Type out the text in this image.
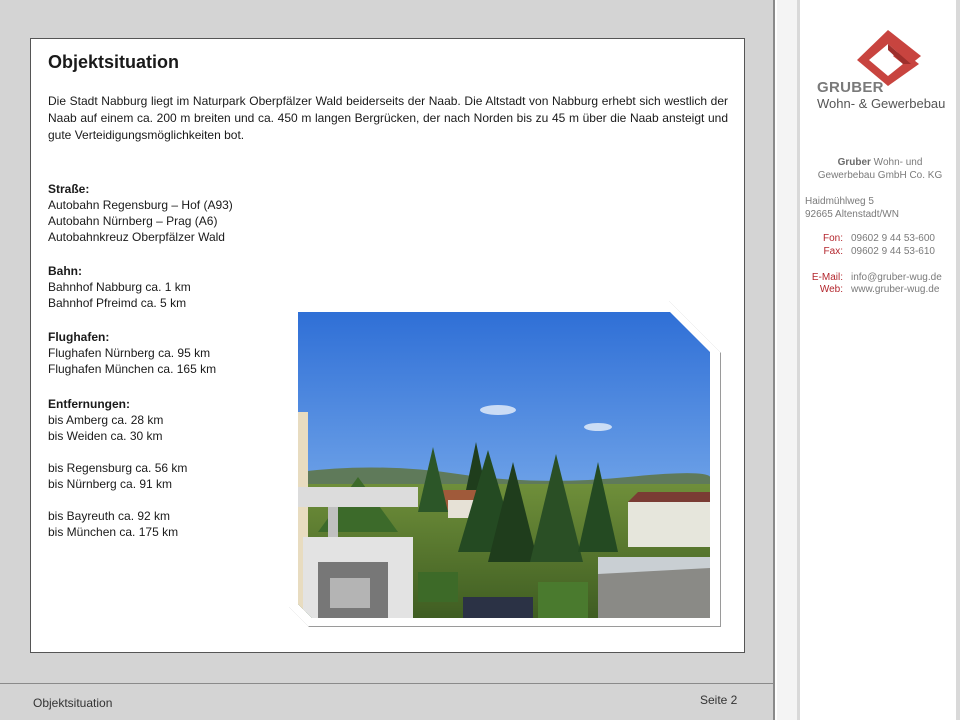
Objektsituation
Die Stadt Nabburg liegt im Naturpark Oberpfälzer Wald beiderseits der Naab. Die Altstadt von Nabburg erhebt sich westlich der Naab auf einem ca. 200 m breiten und ca. 450 m langen Bergrücken, der nach Norden bis zu 45 m über die Naab ansteigt und gute Verteidigungsmöglichkeiten bot.
Straße:
Autobahn Regensburg – Hof (A93)
Autobahn Nürnberg – Prag (A6)
Autobahnkreuz Oberpfälzer Wald
Bahn:
Bahnhof Nabburg ca. 1 km
Bahnhof Pfreimd ca. 5 km
Flughafen:
Flughafen Nürnberg ca. 95 km
Flughafen München ca. 165 km
Entfernungen:
bis Amberg ca. 28 km
bis Weiden ca. 30 km
bis Regensburg ca. 56 km
bis Nürnberg ca. 91 km
bis Bayreuth ca. 92 km
bis München ca. 175 km
Objektsituation	Seite 2
GRUBER
Wohn- & Gewerbebau
Gruber Wohn- und
Gewerbebau GmbH Co. KG
Haidmühlweg 5
92665 Altenstadt/WN
Fon: 09602 9 44 53-600
Fax: 09602 9 44 53-610
E-Mail: info@gruber-wug.de
Web: www.gruber-wug.de
